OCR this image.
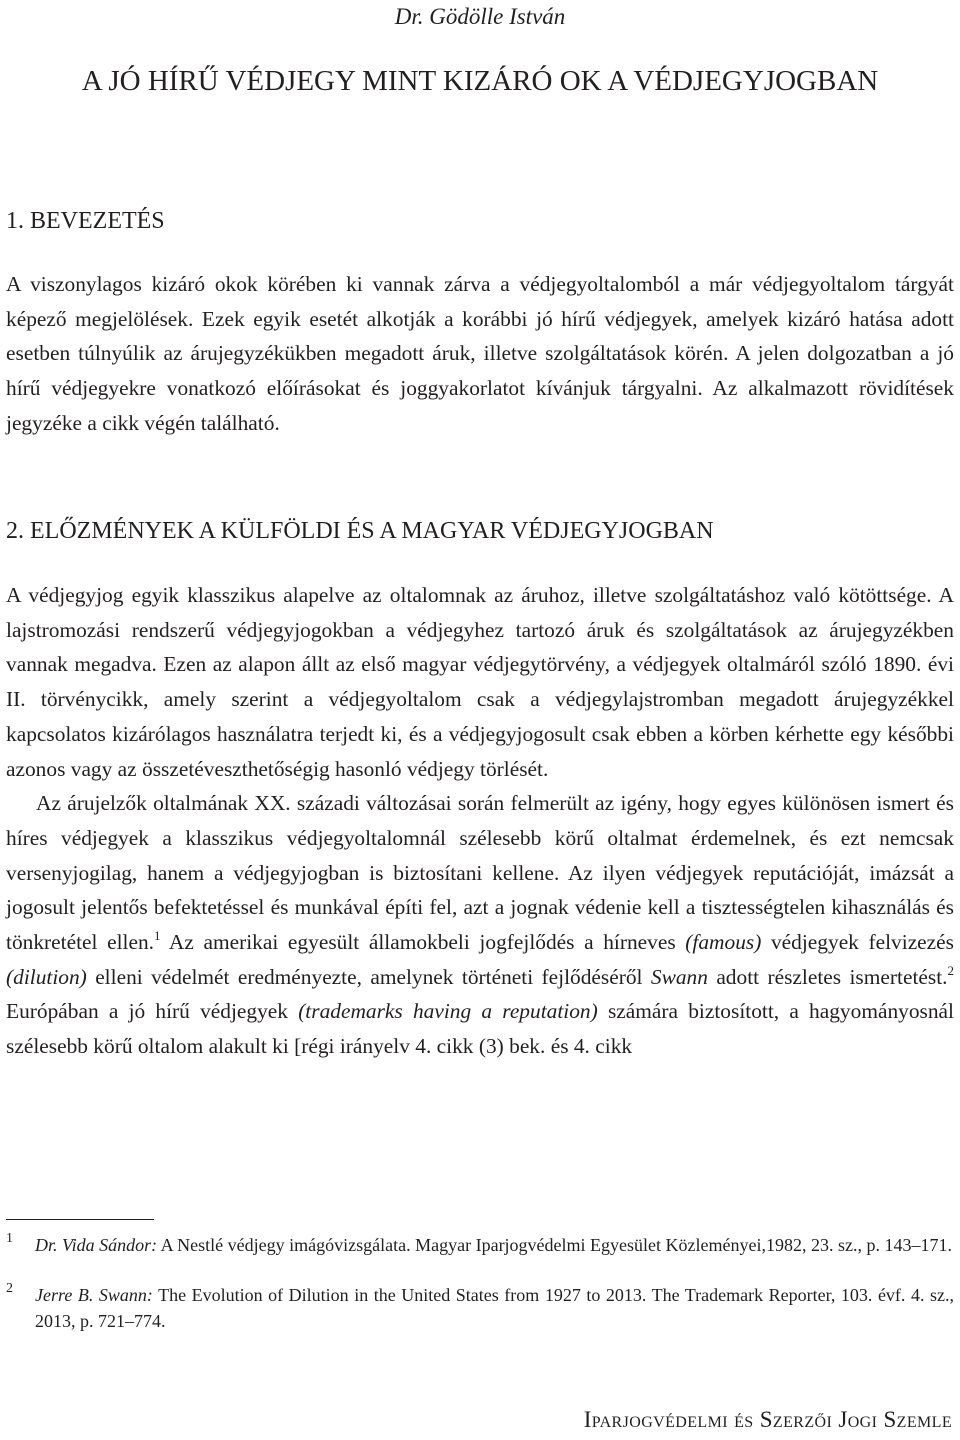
Dr. Gödölle István
A JÓ HÍRŰ VÉDJEGY MINT KIZÁRÓ OK A VÉDJEGYJOGBAN
1. BEVEZETÉS

A viszonylagos kizáró okok körében ki vannak zárva a védjegyoltalomból a már védjegyoltalom tárgyát képező megjelölések. Ezek egyik esetét alkotják a korábbi jó hírű védjegyek, amelyek kizáró hatása adott esetben túlnyúlik az árujegyzékükben megadott áruk, illetve szolgáltatások körén. A jelen dolgozatban a jó hírű védjegyekre vonatkozó előírásokat és joggyakorlatot kívánjuk tárgyalni. Az alkalmazott rövidítések jegyzéke a cikk végén található.

2. ELŐZMÉNYEK A KÜLFÖLDI ÉS A MAGYAR VÉDJEGYJOGBAN

A védjegyjog egyik klasszikus alapelve az oltalomnak az áruhoz, illetve szolgáltatáshoz való kötöttsége. A lajstromozási rendszerű védjegyjogokban a védjegyhez tartozó áruk és szolgáltatások az árujegyzékben vannak megadva. Ezen az alapon állt az első magyar védjegytörvény, a védjegyek oltalmáról szóló 1890. évi II. törvénycikk, amely szerint a védjegyoltalom csak a védjegylajstromban megadott árujegyzékkel kapcsolatos kizárólagos használatra terjedt ki, és a védjegyjogosult csak ebben a körben kérhette egy későbbi azonos vagy az összetéveszthetőségig hasonló védjegy törlését.

Az árujelzők oltalmának XX. századi változásai során felmerült az igény, hogy egyes különösen ismert és híres védjegyek a klasszikus védjegyoltalomnál szélesebb körű oltalmat érdemelnek, és ezt nemcsak versenyjogilag, hanem a védjegyjogban is biztosítani kellene. Az ilyen védjegyek reputációját, imázsát a jogosult jelentős befektetéssel és munkával építi fel, azt a jognak védenie kell a tisztességtelen kihasználás és tönkretétel ellen.$^1$ Az amerikai egyesült államokbeli jogfejlődés a hírneves (famous) védjegyek felvizezés (dilution) elleni védelmét eredményezte, amelynek történeti fejlődéséről Swann adott részletes ismertetést.$^2$ Európában a jó hírű védjegyek (trademarks having a reputation) számára biztosított, a hagyományosnál szélesebb körű oltalom alakult ki [régi irányelv 4. cikk (3) bek. és 4. cikk

1 Dr. Vida Sándor: A Nestlé védjegy imágóvizsgálata. Magyar Iparjogvédelmi Egyesület Közleményei,1982, 23. sz., p. 143–171.
2 Jerre B. Swann: The Evolution of Dilution in the United States from 1927 to 2013. The Trademark Reporter, 103. évf. 4. sz., 2013, p. 721–774.
Iparjogvédelmi és Szerzői Jogi Szemle
